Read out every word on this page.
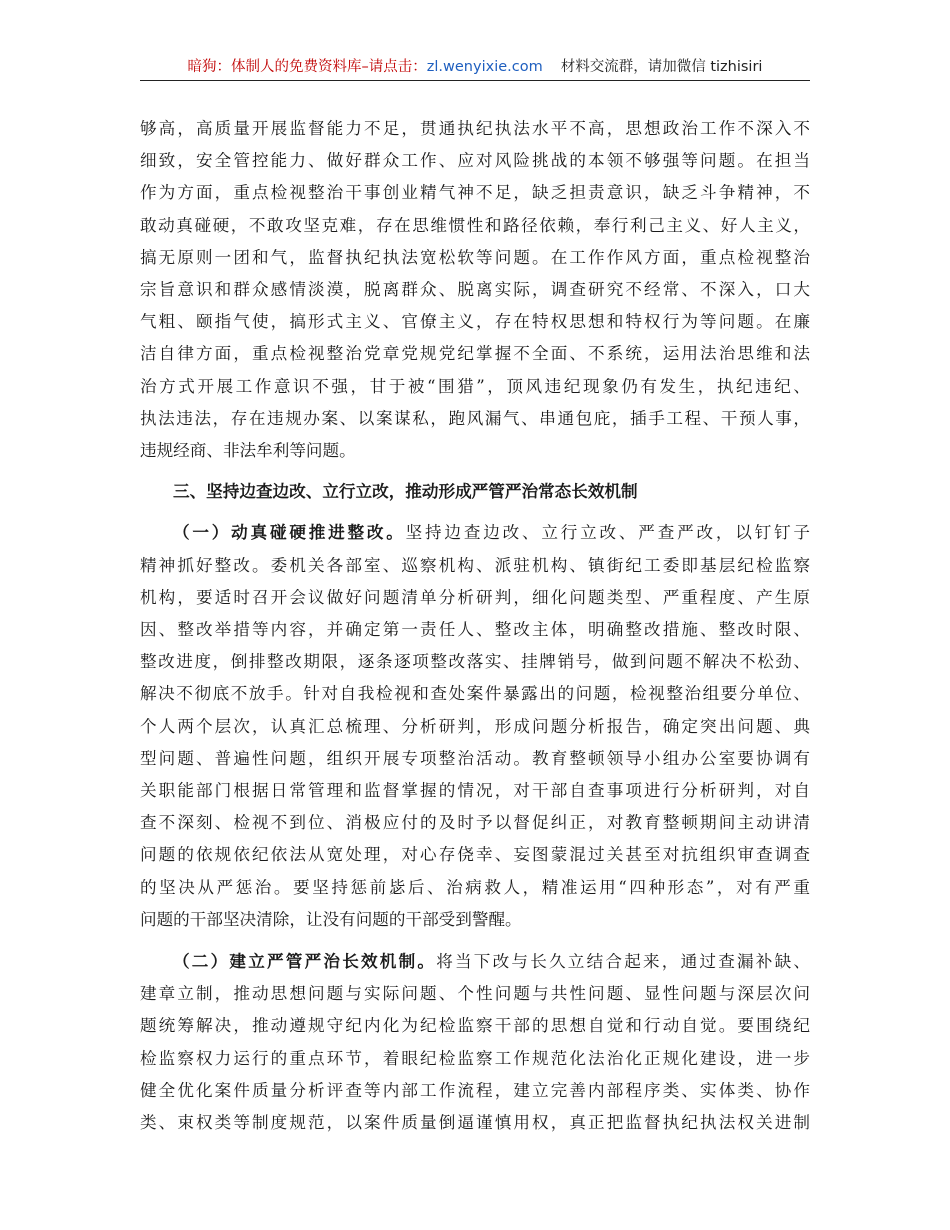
暗狗：体制人的免费资料库–请点击：zl.wenyixie.com 材料交流群，请加微信 tizhisiri

够高，高质量开展监督能力不足，贯通执纪执法水平不高，思想政治工作不深入不
细致，安全管控能力、做好群众工作、应对风险挑战的本领不够强等问题。在担当
作为方面，重点检视整治干事创业精气神不足，缺乏担责意识，缺乏斗争精神，不
敢动真碰硬，不敢攻坚克难，存在思维惯性和路径依赖，奉行利己主义、好人主义，
搞无原则一团和气，监督执纪执法宽松软等问题。在工作作风方面，重点检视整治
宗旨意识和群众感情淡漠，脱离群众、脱离实际，调查研究不经常、不深入，口大
气粗、颐指气使，搞形式主义、官僚主义，存在特权思想和特权行为等问题。在廉
洁自律方面，重点检视整治党章党规党纪掌握不全面、不系统，运用法治思维和法
治方式开展工作意识不强，甘于被“围猎”，顶风违纪现象仍有发生，执纪违纪、
执法违法，存在违规办案、以案谋私，跑风漏气、串通包庇，插手工程、干预人事，
违规经商、非法牟利等问题。

三、坚持边查边改、立行立改，推动形成严管严治常态长效机制

（一）动真碰硬推进整改。坚持边查边改、立行立改、严查严改，以钉钉子
精神抓好整改。委机关各部室、巡察机构、派驻机构、镇街纪工委即基层纪检监察
机构，要适时召开会议做好问题清单分析研判，细化问题类型、严重程度、产生原
因、整改举措等内容，并确定第一责任人、整改主体，明确整改措施、整改时限、
整改进度，倒排整改期限，逐条逐项整改落实、挂牌销号，做到问题不解决不松劲、
解决不彻底不放手。针对自我检视和查处案件暴露出的问题，检视整治组要分单位、
个人两个层次，认真汇总梳理、分析研判，形成问题分析报告，确定突出问题、典
型问题、普遍性问题，组织开展专项整治活动。教育整顿领导小组办公室要协调有
关职能部门根据日常管理和监督掌握的情况，对干部自查事项进行分析研判，对自
查不深刻、检视不到位、消极应付的及时予以督促纠正，对教育整顿期间主动讲清
问题的依规依纪依法从宽处理，对心存侥幸、妄图蒙混过关甚至对抗组织审查调查
的坚决从严惩治。要坚持惩前毖后、治病救人，精准运用“四种形态”，对有严重
问题的干部坚决清除，让没有问题的干部受到警醒。

（二）建立严管严治长效机制。将当下改与长久立结合起来，通过查漏补缺、
建章立制，推动思想问题与实际问题、个性问题与共性问题、显性问题与深层次问
题统筹解决，推动遵规守纪内化为纪检监察干部的思想自觉和行动自觉。要围绕纪
检监察权力运行的重点环节，着眼纪检监察工作规范化法治化正规化建设，进一步
健全优化案件质量分析评查等内部工作流程，建立完善内部程序类、实体类、协作
类、束权类等制度规范，以案件质量倒逼谨慎用权，真正把监督执纪执法权关进制
